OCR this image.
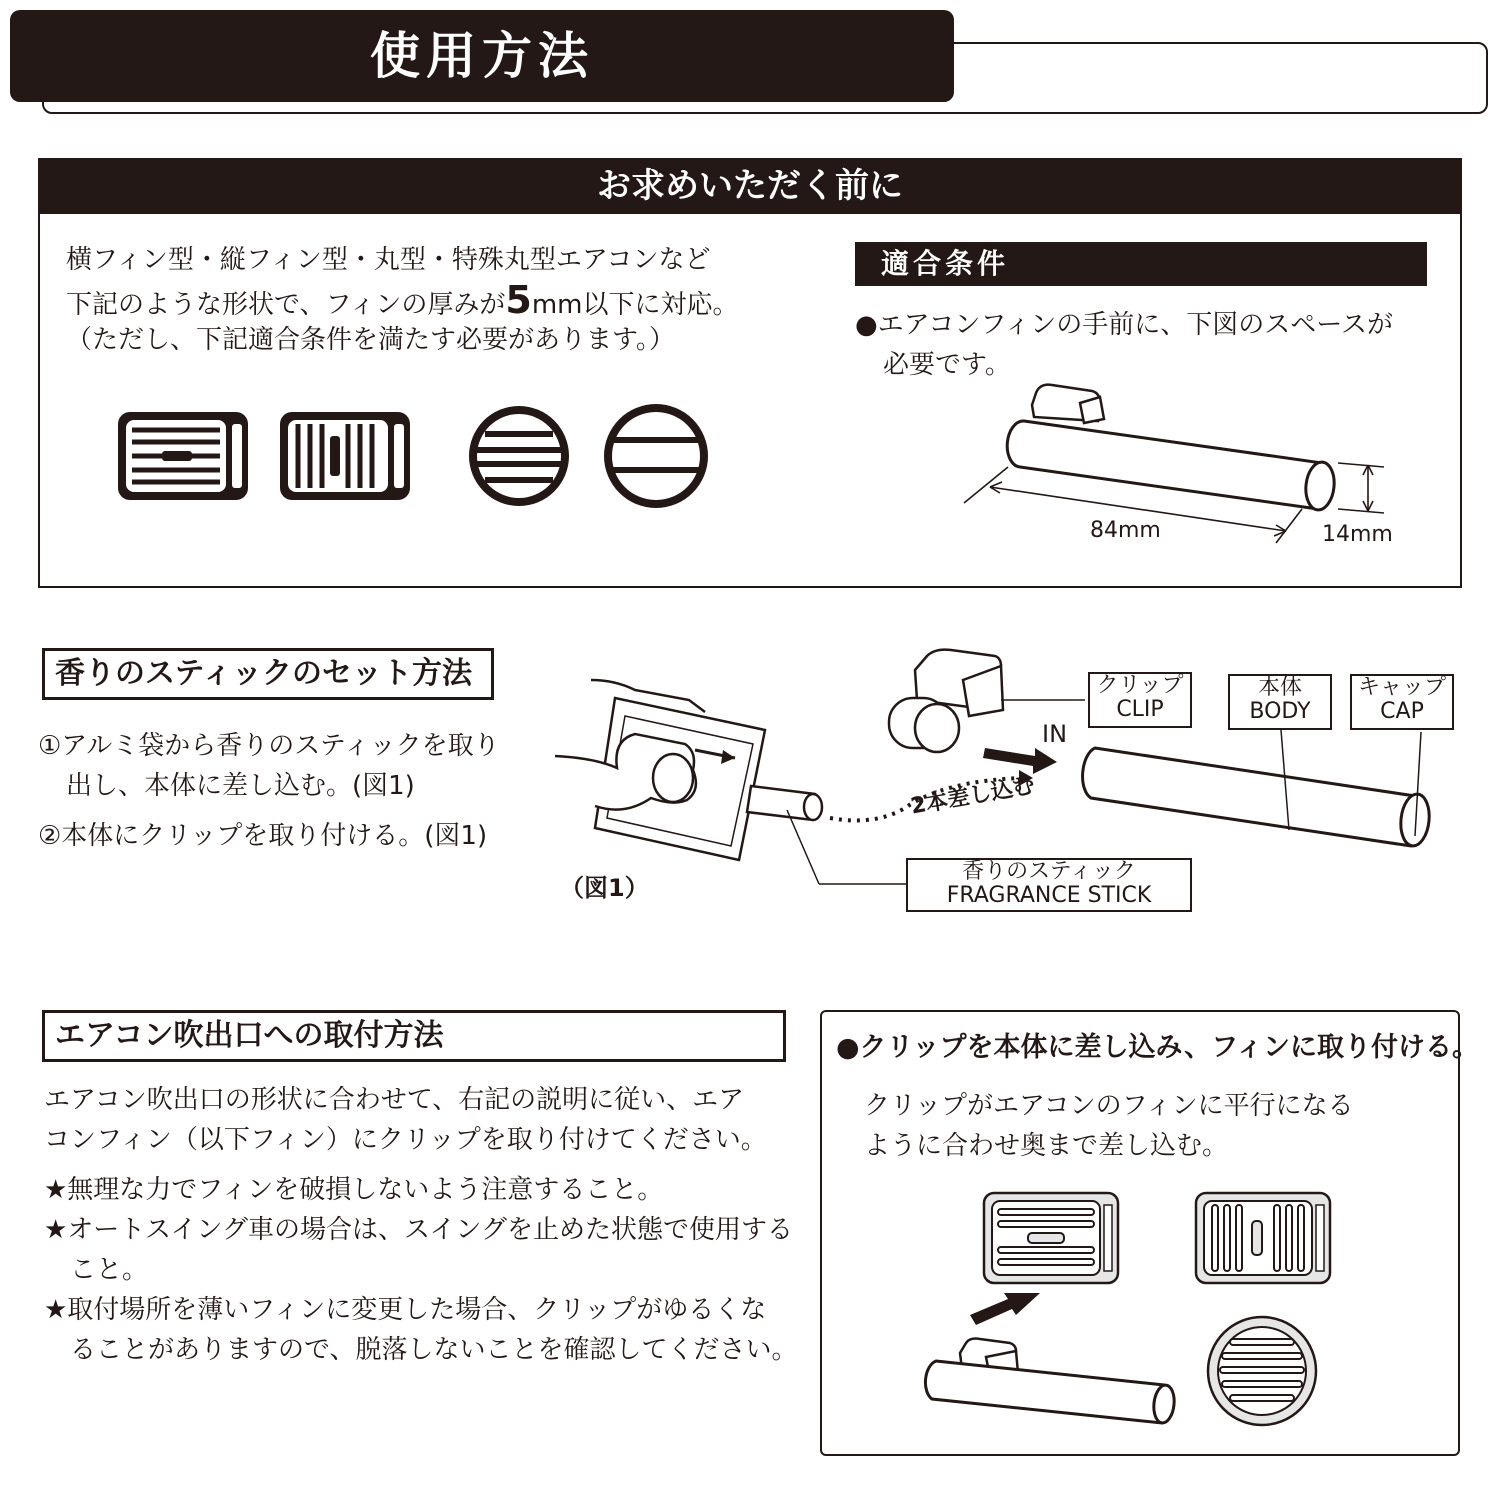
使用方法
お求めいただく前に
横フィン型・縦フィン型・丸型・特殊丸型エアコンなど
下記のような形状で、フィンの厚みが5mm以下に対応。
（ただし、下記適合条件を満たす必要があります。）
適合条件
●エアコンフィンの手前に、下図のスペースが
必要です。
84mm	14mm
香りのスティックのセット方法
①アルミ袋から香りのスティックを取り
出し、本体に差し込む。(図1)
②本体にクリップを取り付ける。(図1)
（図1）
クリップ
CLIP
本体
BODY
キャップ
CAP
IN
2本差し込む
香りのスティック
FRAGRANCE STICK
エアコン吹出口への取付方法
エアコン吹出口の形状に合わせて、右記の説明に従い、エア
コンフィン（以下フィン）にクリップを取り付けてください。
★無理な力でフィンを破損しないよう注意すること。
★オートスイング車の場合は、スイングを止めた状態で使用する
こと。
★取付場所を薄いフィンに変更した場合、クリップがゆるくな
ることがありますので、脱落しないことを確認してください。
●クリップを本体に差し込み、フィンに取り付ける。
クリップがエアコンのフィンに平行になる
ように合わせ奥まで差し込む。
